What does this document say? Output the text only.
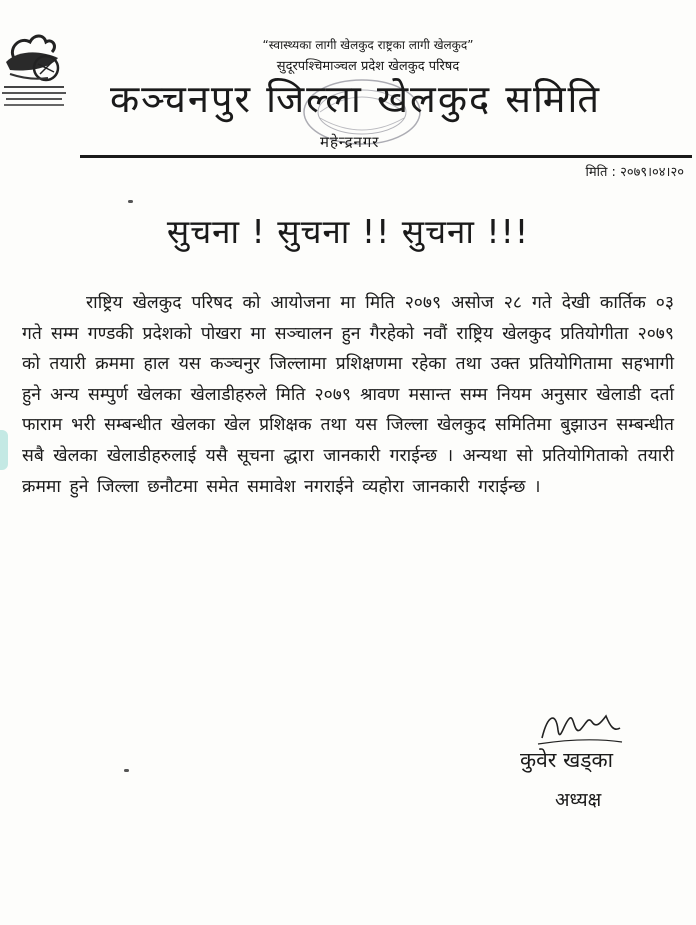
“स्वास्थ्यका लागी खेलकुद राष्ट्रका लागी खेलकुद”
सुदूरपश्चिमाञ्चल प्रदेश खेलकुद परिषद
कञ्चनपुर जिल्ला खेलकुद समिति
महेन्द्रनगर
मिति : २०७९।०४।२०
सुचना ! सुचना !! सुचना !!!
राष्ट्रिय खेलकुद परिषद को आयोजना मा मिति २०७९ असोज २८ गते देखी कार्तिक ०३ गते सम्म गण्डकी प्रदेशको पोखरा मा सञ्चालन हुन गैरहेको नवौं राष्ट्रिय खेलकुद प्रतियोगीता २०७९ को तयारी क्रममा हाल यस कञ्चनुर जिल्लामा प्रशिक्षणमा रहेका तथा उक्त प्रतियोगितामा सहभागी हुने अन्य सम्पुर्ण खेलका खेलाडीहरुले मिति २०७९ श्रावण मसान्त सम्म नियम अनुसार खेलाडी दर्ता फाराम भरी सम्बन्धीत खेलका खेल प्रशिक्षक तथा यस जिल्ला खेलकुद समितिमा बुझाउन सम्बन्धीत सबै खेलका खेलाडीहरुलाई यसै सूचना द्धारा जानकारी गराईन्छ । अन्यथा सो प्रतियोगिताको तयारी क्रममा हुने जिल्ला छनौटमा समेत समावेश नगराईने व्यहोरा जानकारी गराईन्छ ।
कुवेर खड्का
अध्यक्ष
